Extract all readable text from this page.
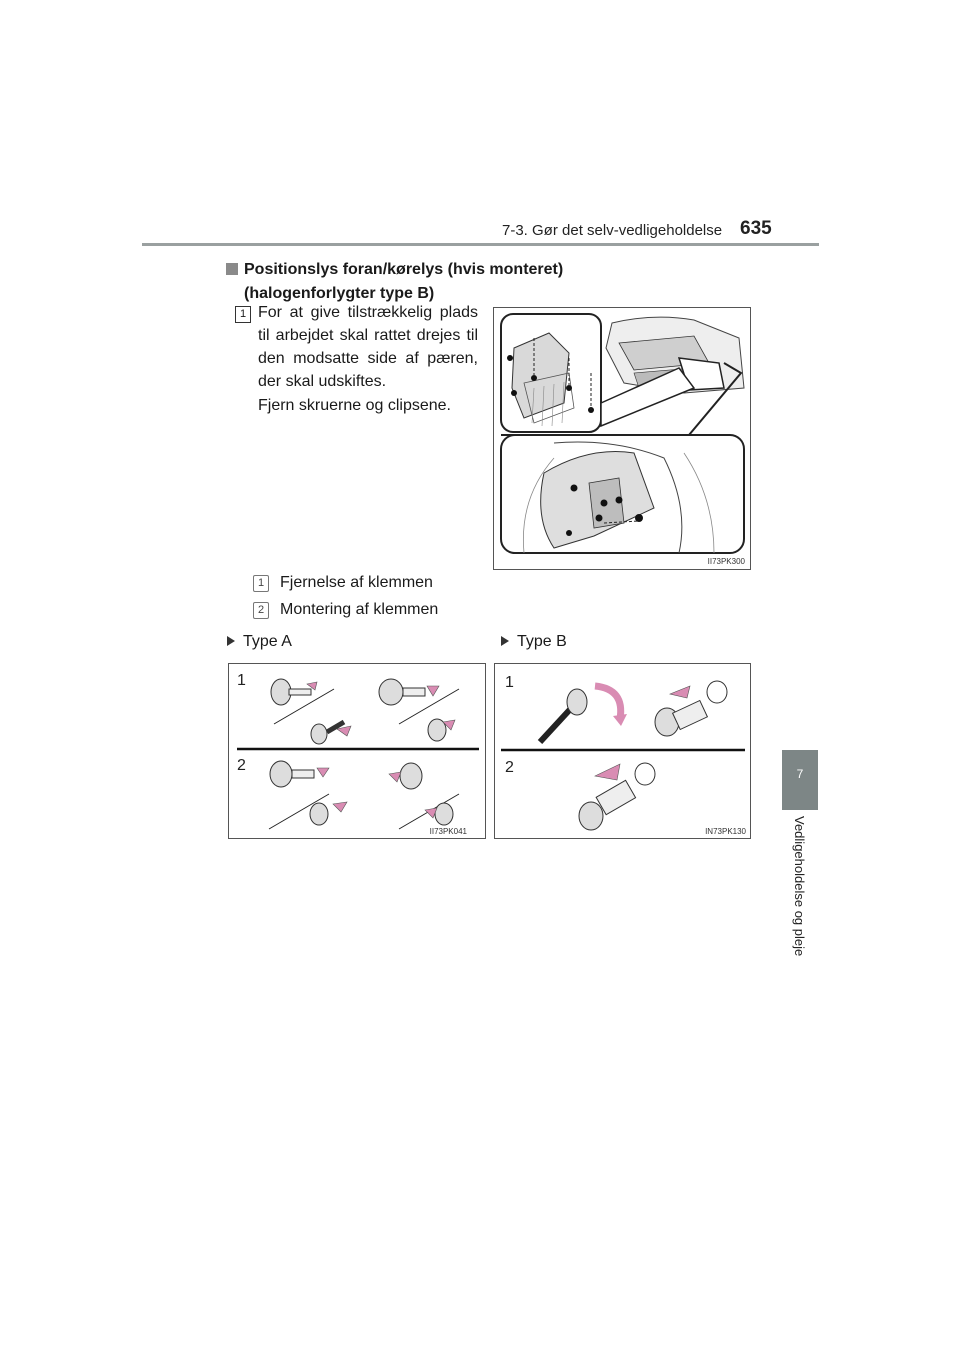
7-3. Gør det selv-vedligeholdelse 635
7
Vedligeholdelse og pleje
Positionslys foran/kørelys (hvis monteret)
(halogenforlygter type B)
1 For at give tilstrækkelig plads til arbejdet skal rattet drejes til den modsatte side af pæren, der skal udskiftes.
Fjern skruerne og clipsene.
II73PK300
1 Fjernelse af klemmen
2 Montering af klemmen
Type A	Type B
1
2
II73PK041
1
2
IN73PK130
